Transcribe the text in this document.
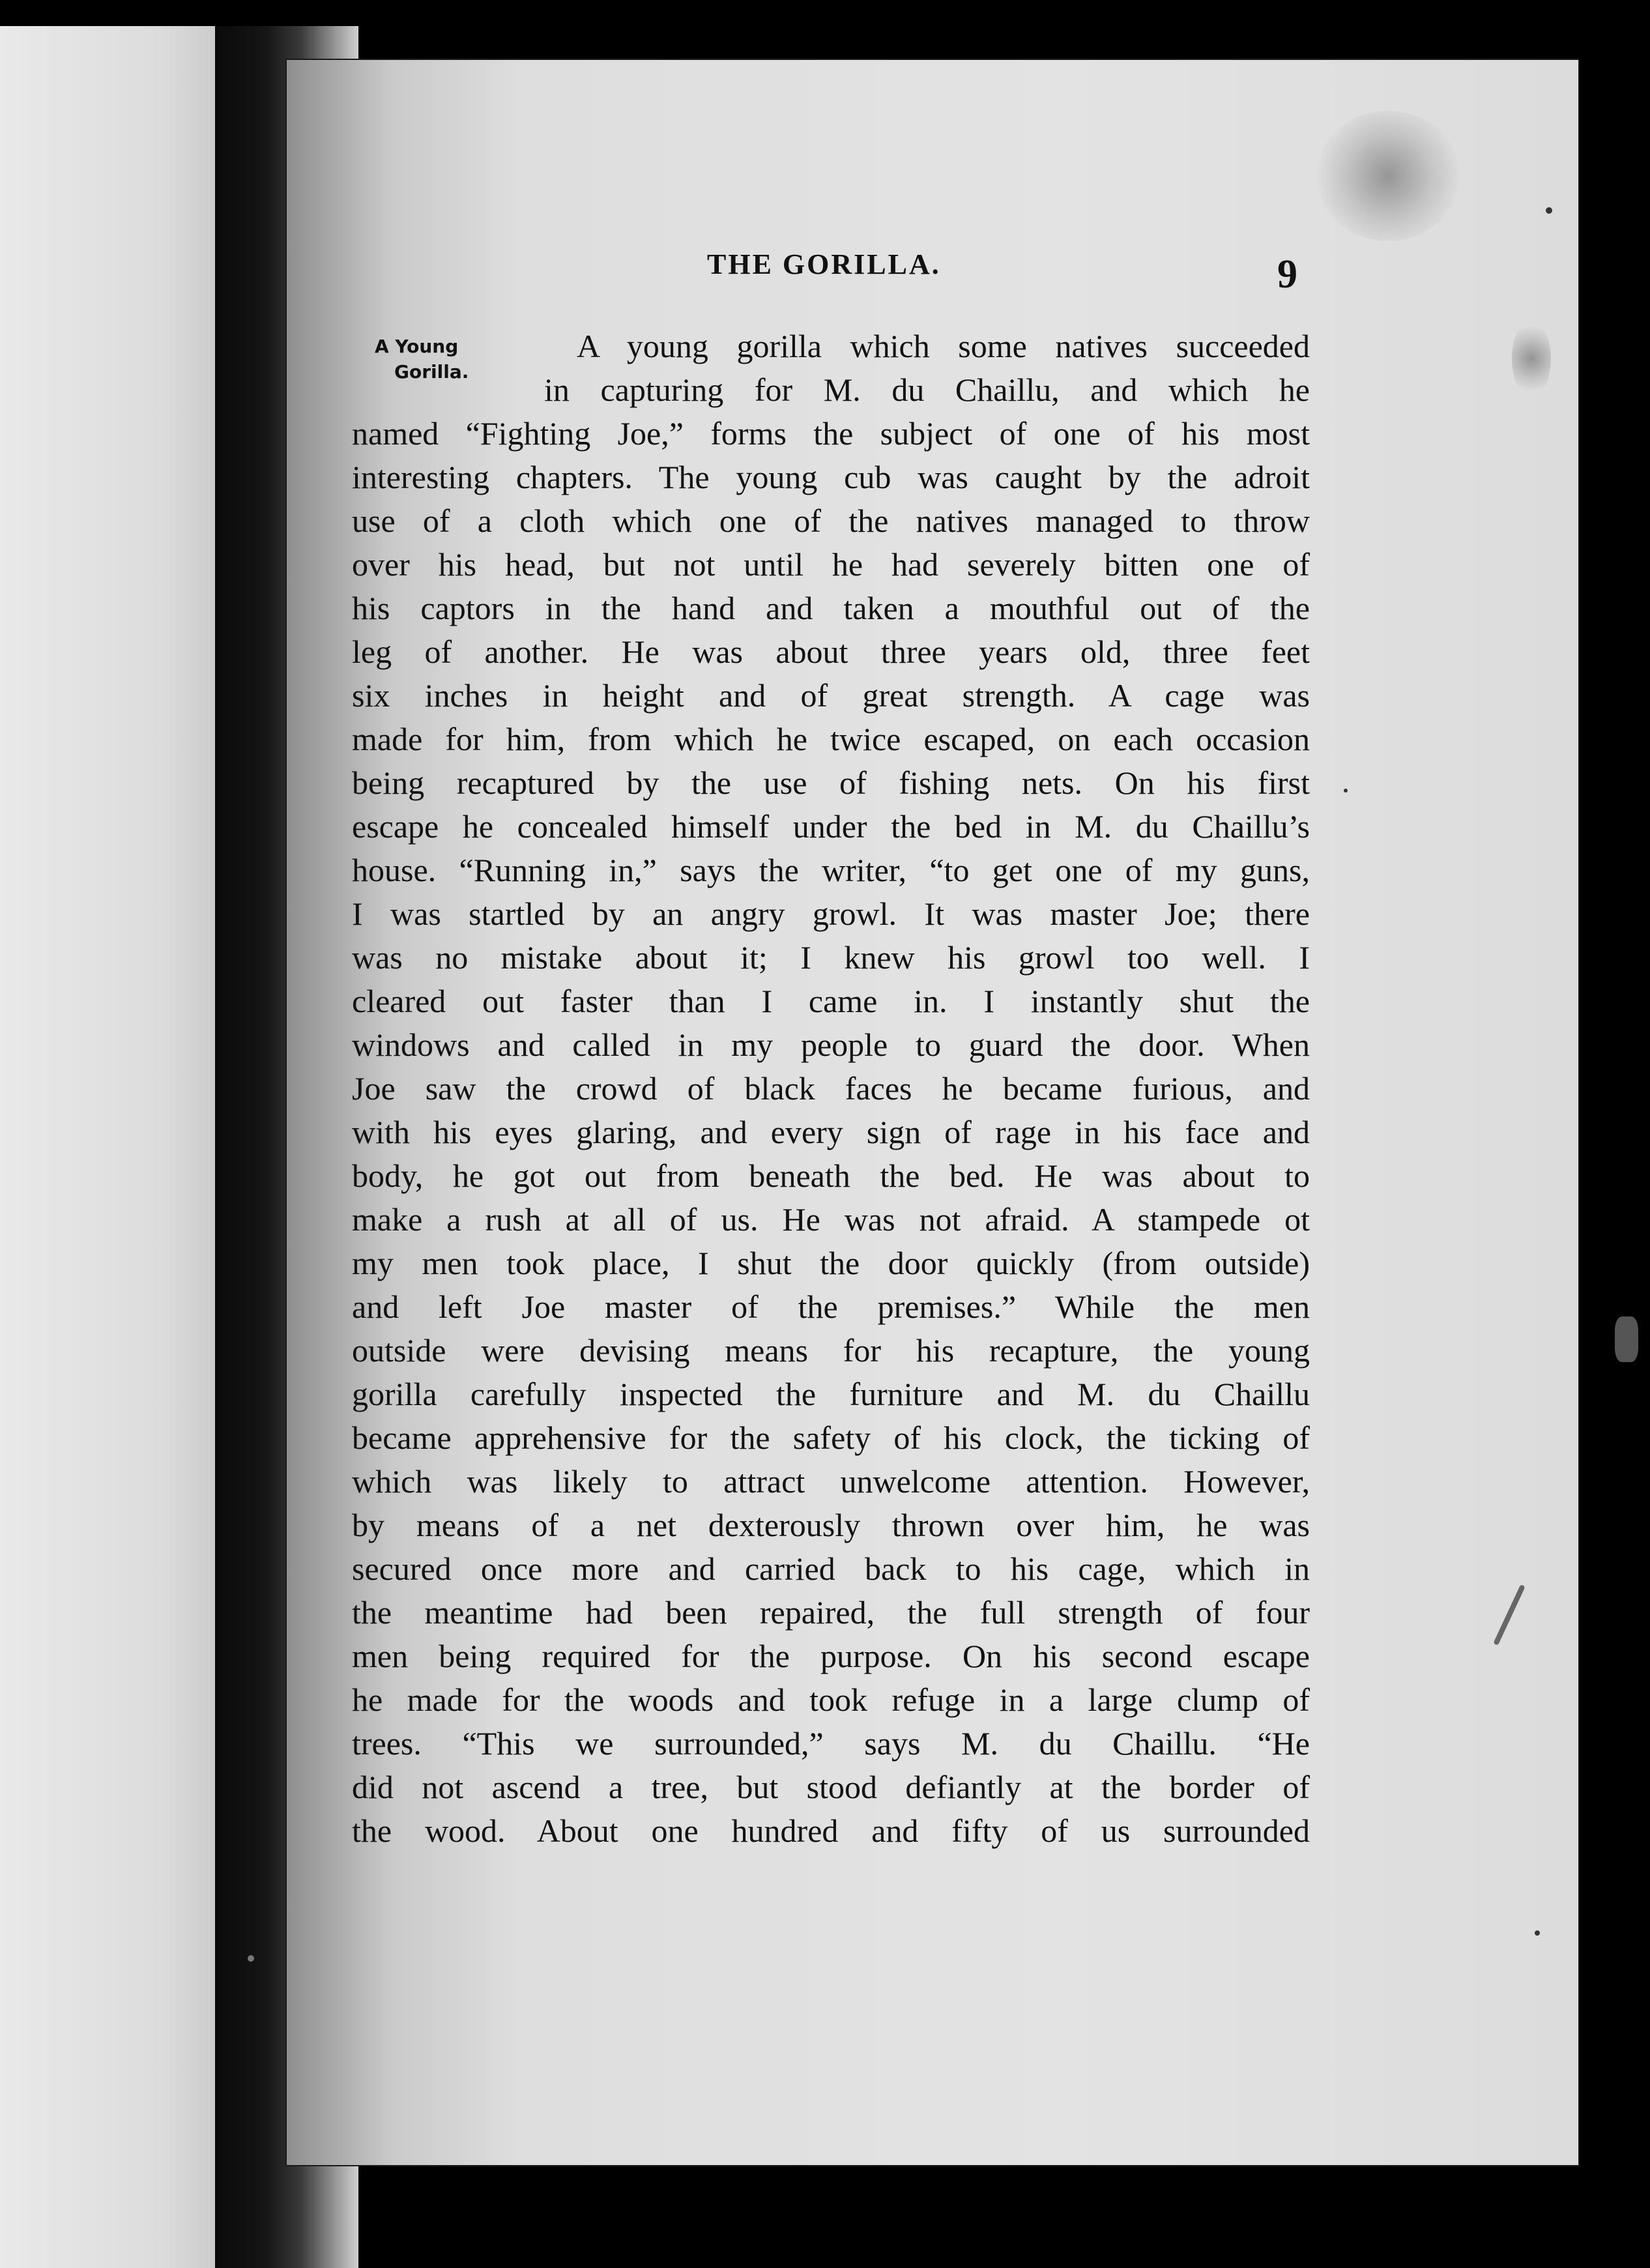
THE GORILLA.	9
A Young
Gorilla.
A young gorilla which some natives succeeded
in capturing for M. du Chaillu, and which he
named “Fighting Joe,” forms the subject of one of his most
interesting chapters. The young cub was caught by the adroit
use of a cloth which one of the natives managed to throw
over his head, but not until he had severely bitten one of
his captors in the hand and taken a mouthful out of the
leg of another. He was about three years old, three feet
six inches in height and of great strength. A cage was
made for him, from which he twice escaped, on each occasion
being recaptured by the use of fishing nets. On his first
escape he concealed himself under the bed in M. du Chaillu’s
house. “Running in,” says the writer, “to get one of my guns,
I was startled by an angry growl. It was master Joe; there
was no mistake about it; I knew his growl too well. I
cleared out faster than I came in. I instantly shut the
windows and called in my people to guard the door. When
Joe saw the crowd of black faces he became furious, and
with his eyes glaring, and every sign of rage in his face and
body, he got out from beneath the bed. He was about to
make a rush at all of us. He was not afraid. A stampede ot
my men took place, I shut the door quickly (from outside)
and left Joe master of the premises.” While the men
outside were devising means for his recapture, the young
gorilla carefully inspected the furniture and M. du Chaillu
became apprehensive for the safety of his clock, the ticking of
which was likely to attract unwelcome attention. However,
by means of a net dexterously thrown over him, he was
secured once more and carried back to his cage, which in
the meantime had been repaired, the full strength of four
men being required for the purpose. On his second escape
he made for the woods and took refuge in a large clump of
trees. “This we surrounded,” says M. du Chaillu. “He
did not ascend a tree, but stood defiantly at the border of
the wood. About one hundred and fifty of us surrounded
